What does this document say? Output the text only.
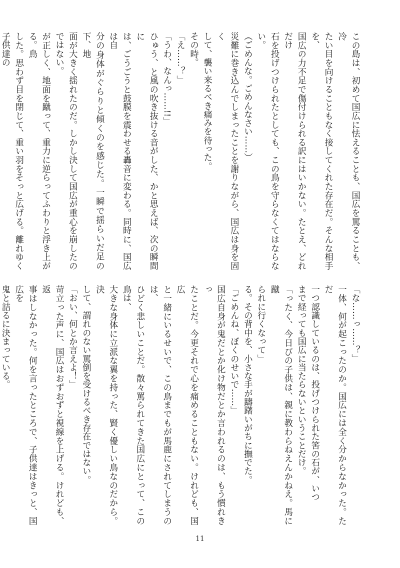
この島は、初めて国広に怯えることも、国広を罵ることも、冷

たい目を向けることもなく接してくれた存在だ。そんな相手を、

国広の力不足で傷付けられる訳にはいかない。たとえ、どれだけ

石を投げつけられたとしても、この鳥を守らなくてはならない。

（ごめんな。ごめんなさい……）

災難に巻き込んでしまったことを謝りながら、国広は身を固く

して、襲い来るべき痛みを待った。

その時。

「え……？」

「うわ、なんっ……!!」

ひゅう、と風の吹き抜ける音がした、かと思えば、次の瞬間に

は、ごうごうと鼓膜を震わせる轟音に変わる。同時に、国広は自

分の身体がぐらりと傾くのを感じた。一瞬で揺らいだ足の下、地

面が大きく揺れたのだ。しかし決して国広が重心を崩したのではない。

が正しく、地面を蹴って、重力に逆らってふわりと浮き上がる。鳥

した。思わず目を閉じて、重い羽をそっと広げる。離れゆく子供達の

「な……っ……？」

一体、何が起こったのか。国広には全く分からなかった。ただ

一つ認識しているのは、投げつけられた筈の石が、いつ

まで経っても国広に当たらないということだけ。

「ったく、今日びの子供は、親に教わらねえんかねえ。馬に蹴

られに行くなって」

る。その背中を、小さな手が躊躇いがちに撫でた。

「ごめんね、ぼくのせいで……」

国広自身が鬼だとか化け物だとか言われるのは、もう慣れきっ

たことだ。今更それで心を痛めることもない。けれども、国広

と一緒にいるせいで、この鳥までもが馬鹿にされてしまうのは、

ひどく悲しいことだ。散々罵られてきた国広にとって、この鳥は、

大きな身体に立派な翼を持った、賢く優しい鳥なのだから。決

して、謂れのない罵倒を受けるべき存在ではない。

「おい、何とか言えよ！」

苛立った声に、国広はおずおずと視線を上げる。けれども、返

事はしなかった。何を言ったところで、子供達はきっと、国広を

鬼と詰るに決まっている。

11
